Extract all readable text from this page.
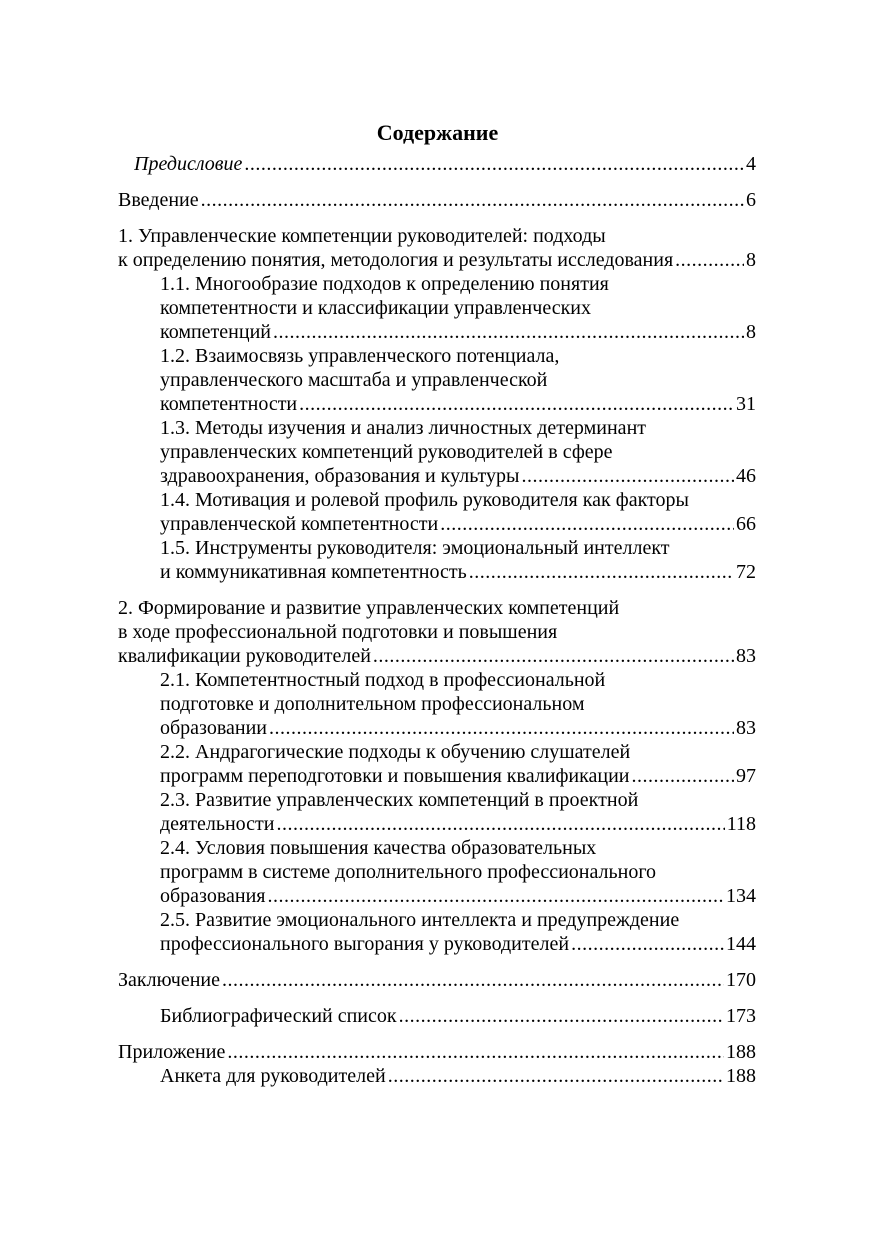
Содержание
Предисловие .....	4
Введение .....	6
1. Управленческие компетенции руководителей: подходы
к определению понятия, методология и результаты исследования .....	8
1.1. Многообразие подходов к определению понятия
компетентности и классификации управленческих
компетенций .....	8
1.2. Взаимосвязь управленческого потенциала,
управленческого масштаба и управленческой
компетентности .....	31
1.3. Методы изучения и анализ личностных детерминант
управленческих компетенций руководителей в сфере
здравоохранения, образования и культуры .....	46
1.4. Мотивация и ролевой профиль руководителя как факторы
управленческой компетентности .....	66
1.5. Инструменты руководителя: эмоциональный интеллект
и коммуникативная компетентность .....	72
2. Формирование и развитие управленческих компетенций
в ходе профессиональной подготовки и повышения
квалификации руководителей .....	83
2.1. Компетентностный подход в профессиональной
подготовке и дополнительном профессиональном
образовании .....	83
2.2. Андрагогические подходы к обучению слушателей
программ переподготовки и повышения квалификации .....	97
2.3. Развитие управленческих компетенций в проектной
деятельности .....	118
2.4. Условия повышения качества образовательных
программ в системе дополнительного профессионального
образования .....	134
2.5. Развитие эмоционального интеллекта и предупреждение
профессионального выгорания у руководителей .....	144
Заключение .....	170
Библиографический список .....	173
Приложение .....	188
Анкета для руководителей .....	188
